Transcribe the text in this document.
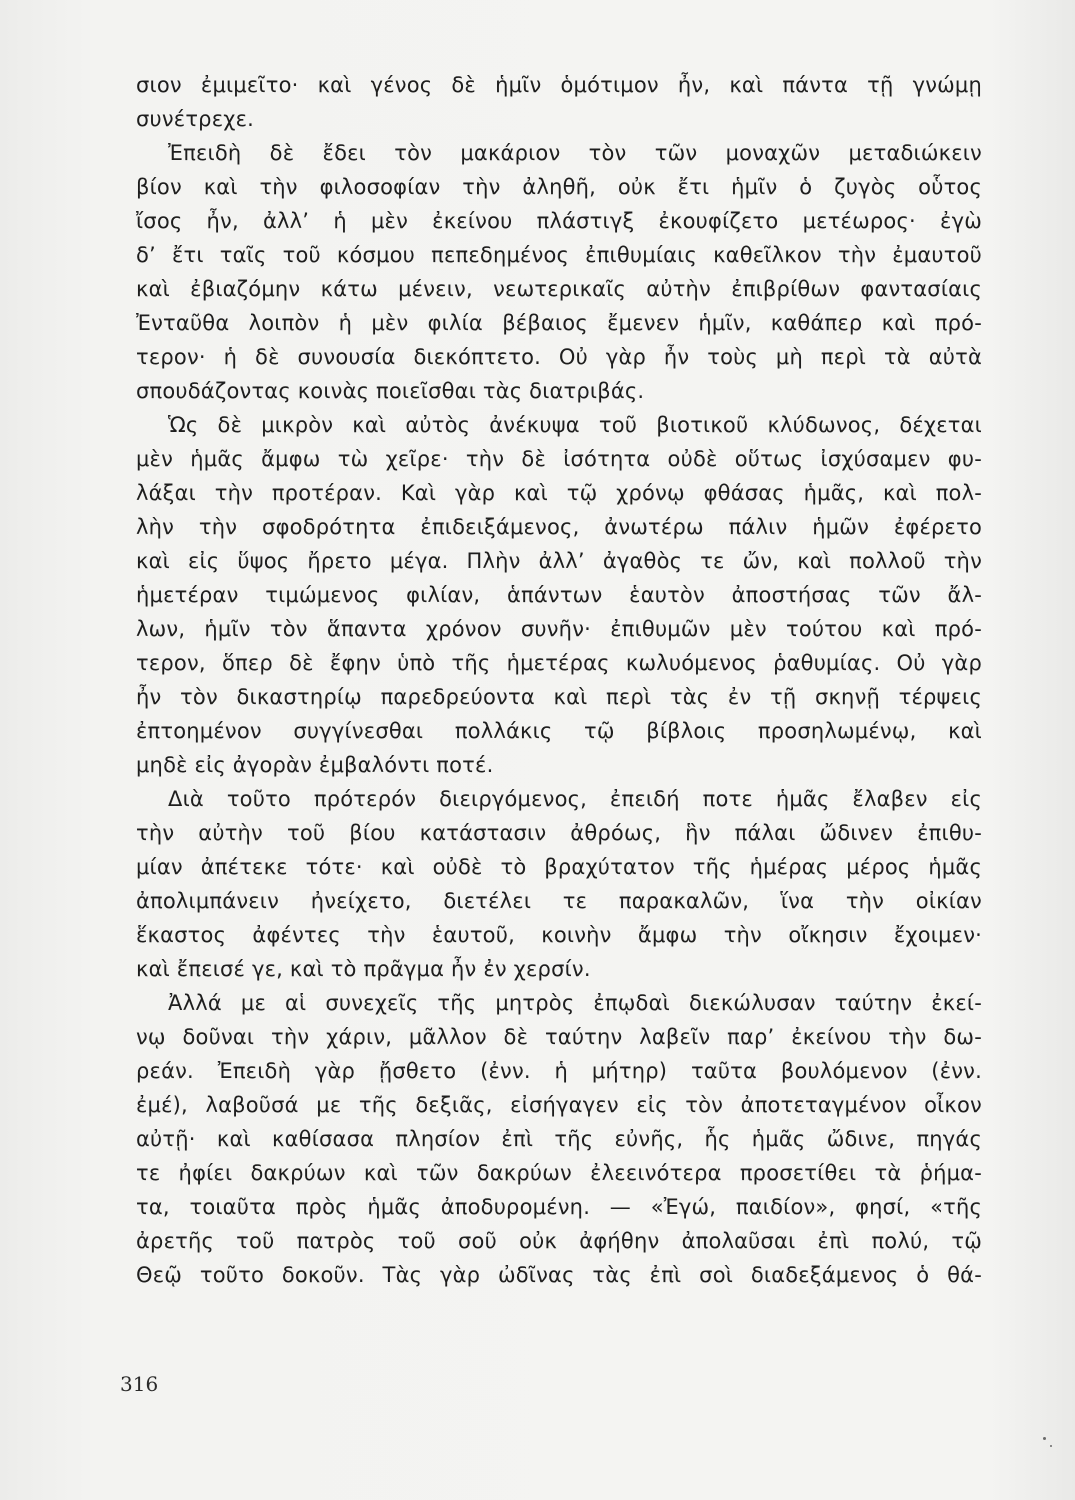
σιον ἐμιμεῖτο· καὶ γένος δὲ ἡμῖν ὁμότιμον ἦν, καὶ πάντα τῇ γνώμῃ
συνέτρεχε.
Ἐπειδὴ δὲ ἔδει τὸν μακάριον τὸν τῶν μοναχῶν μεταδιώκειν
βίον καὶ τὴν φιλοσοφίαν τὴν ἀληθῆ, οὐκ ἔτι ἡμῖν ὁ ζυγὸς οὗτος
ἴσος ἦν, ἀλλ’ ἡ μὲν ἐκείνου πλάστιγξ ἐκουφίζετο μετέωρος· ἐγὼ
δ’ ἔτι ταῖς τοῦ κόσμου πεπεδημένος ἐπιθυμίαις καθεῖλκον τὴν ἐμαυτοῦ
καὶ ἐβιαζόμην κάτω μένειν, νεωτερικαῖς αὐτὴν ἐπιβρίθων φαντασίαις
Ἐνταῦθα λοιπὸν ἡ μὲν φιλία βέβαιος ἔμενεν ἡμῖν, καθάπερ καὶ πρό-
τερον· ἡ δὲ συνουσία διεκόπτετο. Οὐ γὰρ ἦν τοὺς μὴ περὶ τὰ αὐτὰ
σπουδάζοντας κοινὰς ποιεῖσθαι τὰς διατριβάς.
Ὡς δὲ μικρὸν καὶ αὐτὸς ἀνέκυψα τοῦ βιοτικοῦ κλύδωνος, δέχεται
μὲν ἡμᾶς ἄμφω τὼ χεῖρε· τὴν δὲ ἰσότητα οὐδὲ οὕτως ἰσχύσαμεν φυ-
λάξαι τὴν προτέραν. Καὶ γὰρ καὶ τῷ χρόνῳ φθάσας ἡμᾶς, καὶ πολ-
λὴν τὴν σφοδρότητα ἐπιδειξάμενος, ἀνωτέρω πάλιν ἡμῶν ἐφέρετο
καὶ εἰς ὕψος ἤρετο μέγα. Πλὴν ἀλλ’ ἀγαθὸς τε ὤν, καὶ πολλοῦ τὴν
ἡμετέραν τιμώμενος φιλίαν, ἁπάντων ἑαυτὸν ἀποστήσας τῶν ἄλ-
λων, ἡμῖν τὸν ἅπαντα χρόνον συνῆν· ἐπιθυμῶν μὲν τούτου καὶ πρό-
τερον, ὅπερ δὲ ἔφην ὑπὸ τῆς ἡμετέρας κωλυόμενος ῥαθυμίας. Οὐ γὰρ
ἦν τὸν δικαστηρίῳ παρεδρεύοντα καὶ περὶ τὰς ἐν τῇ σκηνῇ τέρψεις
ἐπτοημένον συγγίνεσθαι πολλάκις τῷ βίβλοις προσηλωμένῳ, καὶ
μηδὲ εἰς ἀγορὰν ἐμβαλόντι ποτέ.
Διὰ τοῦτο πρότερόν διειργόμενος, ἐπειδή ποτε ἡμᾶς ἔλαβεν εἰς
τὴν αὐτὴν τοῦ βίου κατάστασιν ἀθρόως, ἣν πάλαι ὤδινεν ἐπιθυ-
μίαν ἀπέτεκε τότε· καὶ οὐδὲ τὸ βραχύτατον τῆς ἡμέρας μέρος ἡμᾶς
ἀπολιμπάνειν ἠνείχετο, διετέλει τε παρακαλῶν, ἵνα τὴν οἰκίαν
ἕκαστος ἀφέντες τὴν ἑαυτοῦ, κοινὴν ἄμφω τὴν οἴκησιν ἔχοιμεν·
καὶ ἔπεισέ γε, καὶ τὸ πρᾶγμα ἦν ἐν χερσίν.
Ἀλλά με αἱ συνεχεῖς τῆς μητρὸς ἐπῳδαὶ διεκώλυσαν ταύτην ἐκεί-
νῳ δοῦναι τὴν χάριν, μᾶλλον δὲ ταύτην λαβεῖν παρ’ ἐκείνου τὴν δω-
ρεάν. Ἐπειδὴ γὰρ ᾔσθετο (ἐνν. ἡ μήτηρ) ταῦτα βουλόμενον (ἐνν.
ἐμέ), λαβοῦσά με τῆς δεξιᾶς, εἰσήγαγεν εἰς τὸν ἀποτεταγμένον οἶκον
αὐτῇ· καὶ καθίσασα πλησίον ἐπὶ τῆς εὐνῆς, ἧς ἡμᾶς ὤδινε, πηγάς
τε ἠφίει δακρύων καὶ τῶν δακρύων ἐλεεινότερα προσετίθει τὰ ῥήμα-
τα, τοιαῦτα πρὸς ἡμᾶς ἀποδυρομένη. — «Ἐγώ, παιδίον», φησί, «τῆς
ἀρετῆς τοῦ πατρὸς τοῦ σοῦ οὐκ ἀφήθην ἀπολαῦσαι ἐπὶ πολύ, τῷ
Θεῷ τοῦτο δοκοῦν. Τὰς γὰρ ὠδῖνας τὰς ἐπὶ σοὶ διαδεξάμενος ὁ θά-
316
